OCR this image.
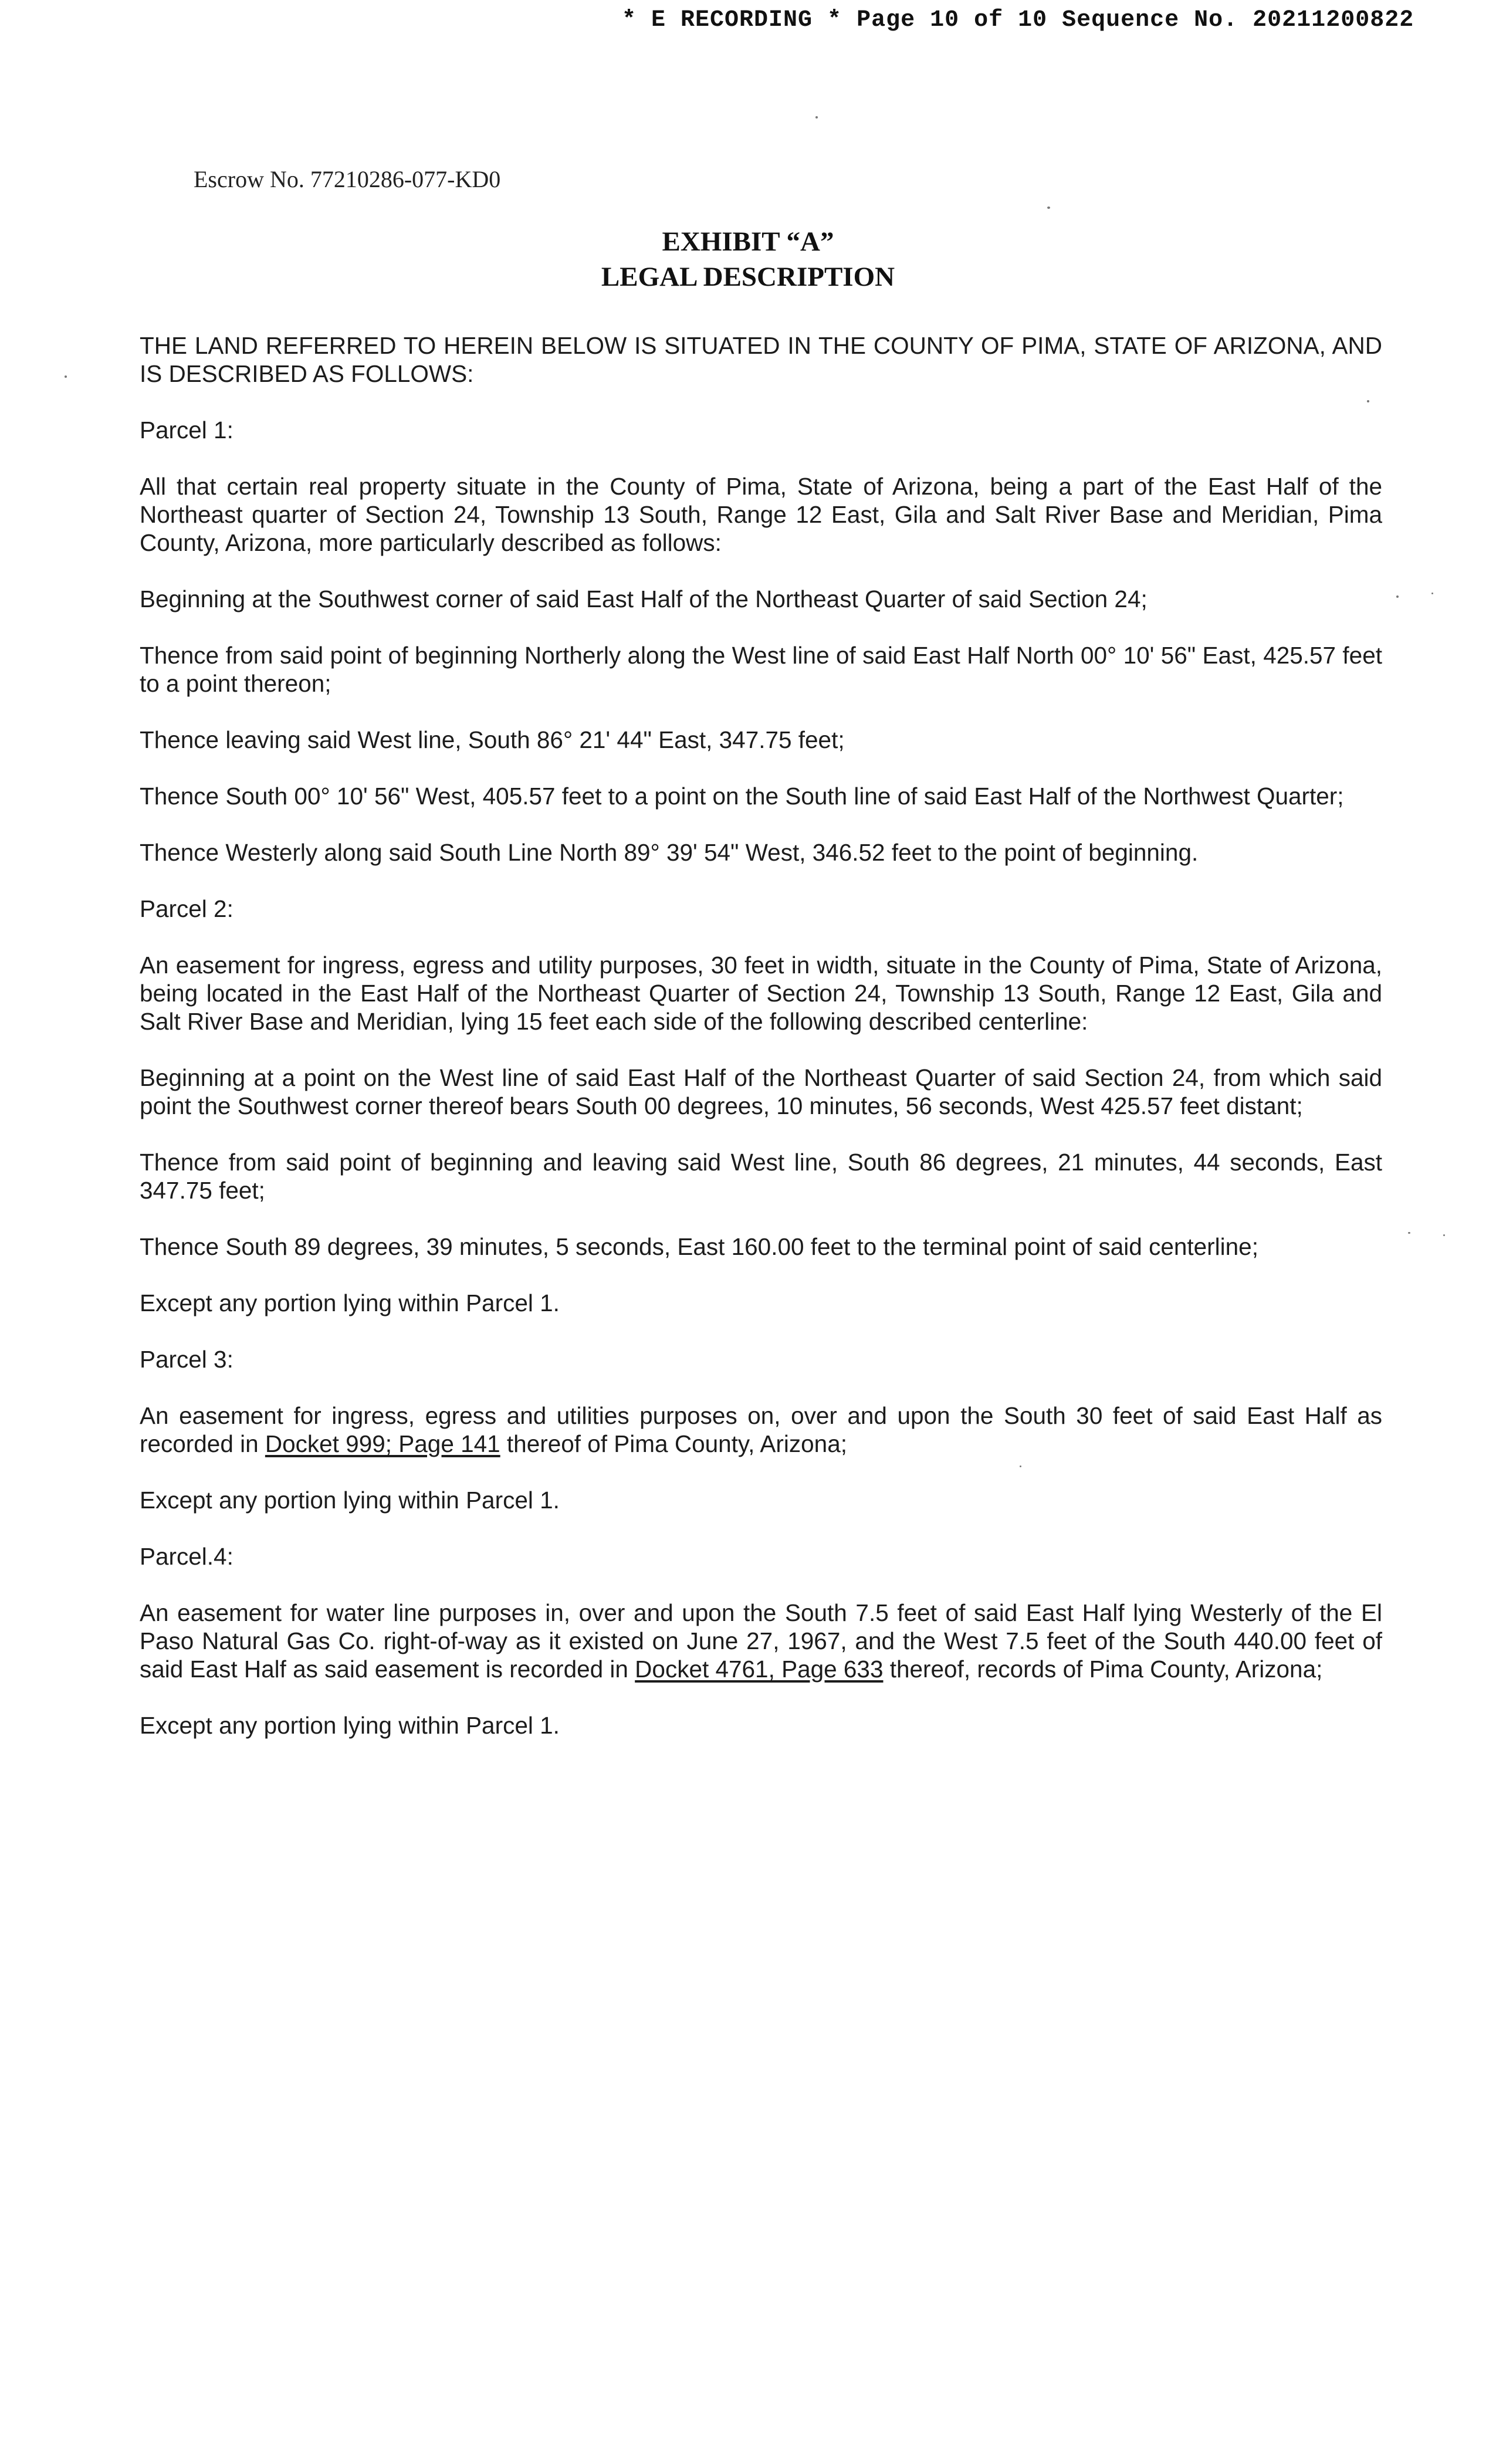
* E RECORDING * Page 10 of 10 Sequence No. 20211200822
Escrow No. 77210286-077-KD0
EXHIBIT “A”
LEGAL DESCRIPTION

THE LAND REFERRED TO HEREIN BELOW IS SITUATED IN THE COUNTY OF PIMA, STATE OF ARIZONA, AND IS DESCRIBED AS FOLLOWS:

Parcel 1:

All that certain real property situate in the County of Pima, State of Arizona, being a part of the East Half of the Northeast quarter of Section 24, Township 13 South, Range 12 East, Gila and Salt River Base and Meridian, Pima County, Arizona, more particularly described as follows:

Beginning at the Southwest corner of said East Half of the Northeast Quarter of said Section 24;

Thence from said point of beginning Northerly along the West line of said East Half North 00° 10' 56" East, 425.57 feet to a point thereon;

Thence leaving said West line, South 86° 21' 44" East, 347.75 feet;

Thence South 00° 10' 56" West, 405.57 feet to a point on the South line of said East Half of the Northwest Quarter;

Thence Westerly along said South Line North 89° 39' 54" West, 346.52 feet to the point of beginning.

Parcel 2:

An easement for ingress, egress and utility purposes, 30 feet in width, situate in the County of Pima, State of Arizona, being located in the East Half of the Northeast Quarter of Section 24, Township 13 South, Range 12 East, Gila and Salt River Base and Meridian, lying 15 feet each side of the following described centerline:

Beginning at a point on the West line of said East Half of the Northeast Quarter of said Section 24, from which said point the Southwest corner thereof bears South 00 degrees, 10 minutes, 56 seconds, West 425.57 feet distant;

Thence from said point of beginning and leaving said West line, South 86 degrees, 21 minutes, 44 seconds, East 347.75 feet;

Thence South 89 degrees, 39 minutes, 5 seconds, East 160.00 feet to the terminal point of said centerline;

Except any portion lying within Parcel 1.

Parcel 3:

An easement for ingress, egress and utilities purposes on, over and upon the South 30 feet of said East Half as recorded in Docket 999; Page 141 thereof of Pima County, Arizona;

Except any portion lying within Parcel 1.

Parcel.4:

An easement for water line purposes in, over and upon the South 7.5 feet of said East Half lying Westerly of the El Paso Natural Gas Co. right-of-way as it existed on June 27, 1967, and the West 7.5 feet of the South 440.00 feet of said East Half as said easement is recorded in Docket 4761, Page 633 thereof, records of Pima County, Arizona;

Except any portion lying within Parcel 1.
